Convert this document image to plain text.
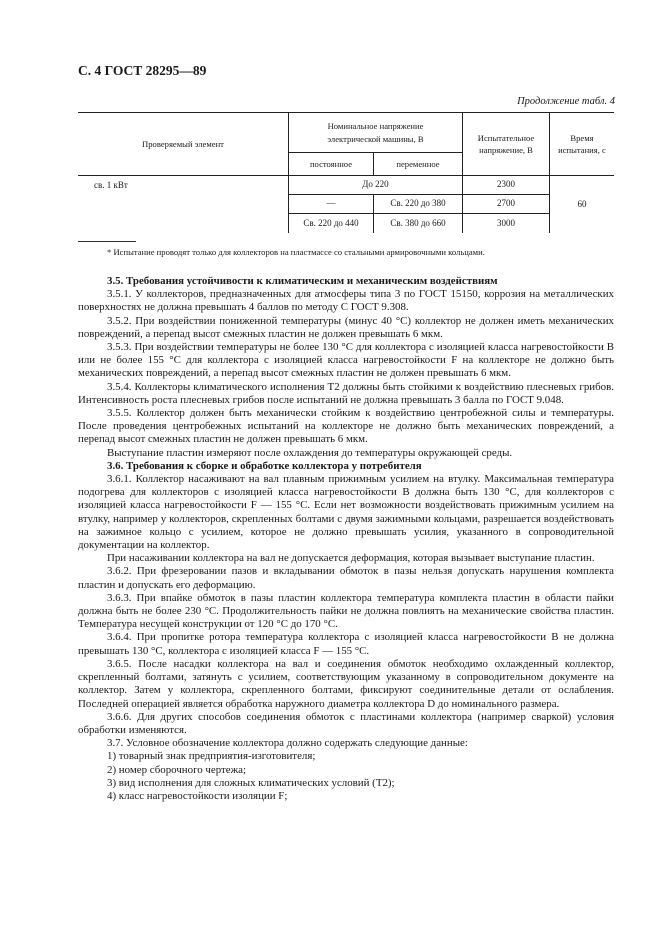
С. 4 ГОСТ 28295—89
Продолжение табл. 4
Проверяемый элемент	Номинальное напряжение электрической машины, В		Испытательное напряжение, В	Время испытания, с
	постоянное	переменное		
св. 1 кВт	До 220		2300	60
	—	Св. 220 до 380	2700	
	Св. 220 до 440	Св. 380 до 660	3000	
* Испытание проводят только для коллекторов на пластмассе со стальными армировочными кольцами.

3.5. Требования устойчивости к климатическим и механическим воздействиям

3.5.1. У коллекторов, предназначенных для атмосферы типа 3 по ГОСТ 15150, коррозия на металлических поверхностях не должна превышать 4 баллов по методу С ГОСТ 9.308.

3.5.2. При воздействии пониженной температуры (минус 40 °С) коллектор не должен иметь механических повреждений, а перепад высот смежных пластин не должен превышать 6 мкм.

3.5.3. При воздействии температуры не более 130 °С для коллектора с изоляцией класса нагревостойкости В или не более 155 °С для коллектора с изоляцией класса нагревостойкости F на коллекторе не должно быть механических повреждений, а перепад высот смежных пластин не должен превышать 6 мкм.

3.5.4. Коллекторы климатического исполнения Т2 должны быть стойкими к воздействию плесневых грибов. Интенсивность роста плесневых грибов после испытаний не должна превышать 3 балла по ГОСТ 9.048.

3.5.5. Коллектор должен быть механически стойким к воздействию центробежной силы и температуры. После проведения центробежных испытаний на коллекторе не должно быть механических повреждений, а перепад высот смежных пластин не должен превышать 6 мкм.

Выступание пластин измеряют после охлаждения до температуры окружающей среды.

3.6. Требования к сборке и обработке коллектора у потребителя

3.6.1. Коллектор насаживают на вал плавным прижимным усилием на втулку. Максимальная температура подогрева для коллекторов с изоляцией класса нагревостойкости В должна быть 130 °С, для коллекторов с изоляцией класса нагревостойкости F — 155 °С. Если нет возможности воздействовать прижимным усилием на втулку, например у коллекторов, скрепленных болтами с двумя зажимными кольцами, разрешается воздействовать на зажимное кольцо с усилием, которое не должно превышать усилия, указанного в сопроводительной документации на коллектор.

При насаживании коллектора на вал не допускается деформация, которая вызывает выступание пластин.

3.6.2. При фрезеровании пазов и вкладывании обмоток в пазы нельзя допускать нарушения комплекта пластин и допускать его деформацию.

3.6.3. При впайке обмоток в пазы пластин коллектора температура комплекта пластин в области пайки должна быть не более 230 °С. Продолжительность пайки не должна повлиять на механические свойства пластин. Температура несущей конструкции от 120 °С до 170 °С.

3.6.4. При пропитке ротора температура коллектора с изоляцией класса нагревостойкости В не должна превышать 130 °С, коллектора с изоляцией класса F — 155 °С.

3.6.5. После насадки коллектора на вал и соединения обмоток необходимо охлажденный коллектор, скрепленный болтами, затянуть с усилием, соответствующим указанному в сопроводительном документе на коллектор. Затем у коллектора, скрепленного болтами, фиксируют соединительные детали от ослабления. Последней операцией является обработка наружного диаметра коллектора D до номинального размера.

3.6.6. Для других способов соединения обмоток с пластинами коллектора (например сваркой) условия обработки изменяются.

3.7. Условное обозначение коллектора должно содержать следующие данные:

1) товарный знак предприятия-изготовителя;

2) номер сборочного чертежа;

3) вид исполнения для сложных климатических условий (Т2);

4) класс нагревостойкости изоляции F;
